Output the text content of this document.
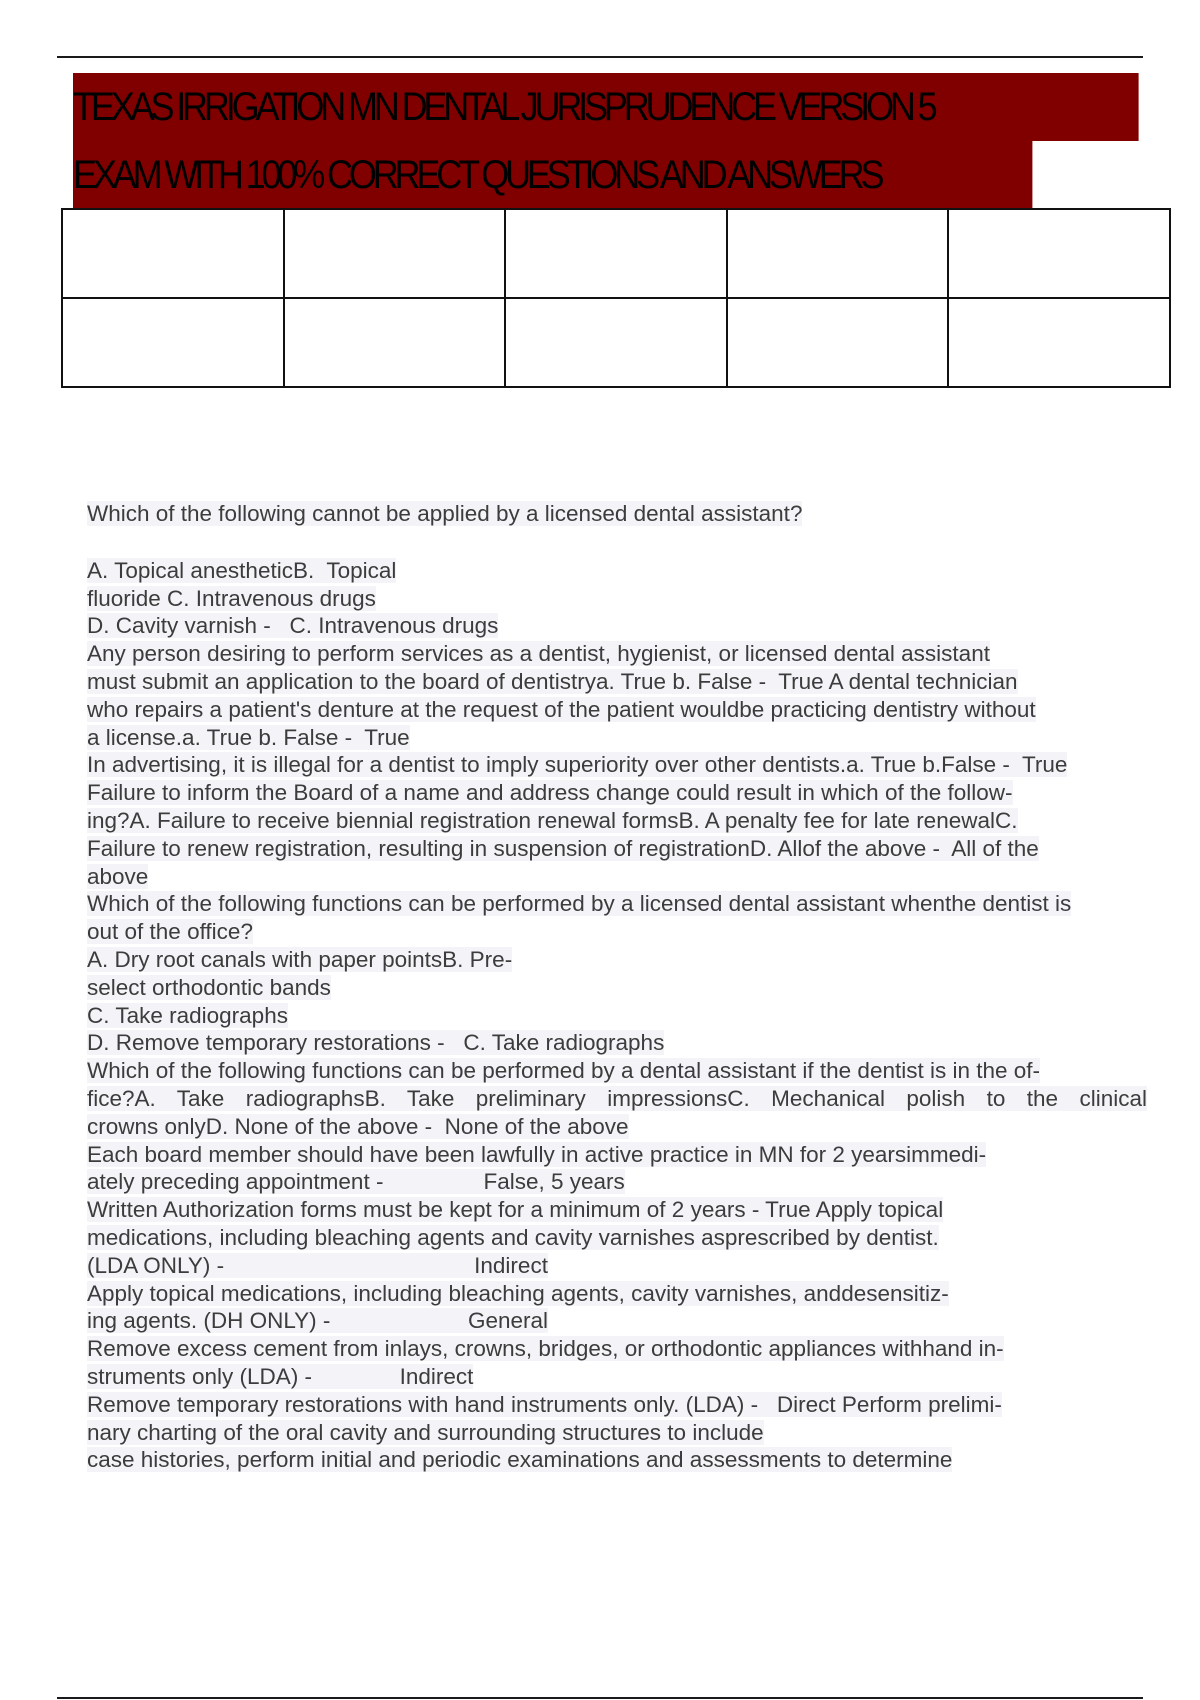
TEXAS IRRIGATION MN DENTAL JURISPRUDENCE VERSION 5
EXAM WITH 100% CORRECT QUESTIONS AND ANSWERS

Which of the following cannot be applied by a licensed dental assistant?
A. Topical anestheticB.  Topical
fluoride C. Intravenous drugs
D. Cavity varnish -   C. Intravenous drugs
Any person desiring to perform services as a dentist, hygienist, or licensed dental assistant
must submit an application to the board of dentistrya. True b. False -  True A dental technician
who repairs a patient's denture at the request of the patient wouldbe practicing dentistry without
a license.a. True b. False -  True
In advertising, it is illegal for a dentist to imply superiority over other dentists.a. True b.False -  True
Failure to inform the Board of a name and address change could result in which of the follow-
ing?A. Failure to receive biennial registration renewal formsB. A penalty fee for late renewalC.
Failure to renew registration, resulting in suspension of registrationD. Allof the above -  All of the
above
Which of the following functions can be performed by a licensed dental assistant whenthe dentist is
out of the office?
A. Dry root canals with paper pointsB. Pre-
select orthodontic bands
C. Take radiographs
D. Remove temporary restorations -   C. Take radiographs
Which of the following functions can be performed by a dental assistant if the dentist is in the of-
fice?A. Take radiographsB. Take preliminary impressionsC. Mechanical polish to the clinical
crowns onlyD. None of the above -  None of the above
Each board member should have been lawfully in active practice in MN for 2 yearsimmedi-
ately preceding appointment -                False, 5 years
Written Authorization forms must be kept for a minimum of 2 years - True Apply topical
medications, including bleaching agents and cavity varnishes asprescribed by dentist.
(LDA ONLY) -                                        Indirect
Apply topical medications, including bleaching agents, cavity varnishes, anddesensitiz-
ing agents. (DH ONLY) -                      General
Remove excess cement from inlays, crowns, bridges, or orthodontic appliances withhand in-
struments only (LDA) -              Indirect
Remove temporary restorations with hand instruments only. (LDA) -   Direct Perform prelimi-
nary charting of the oral cavity and surrounding structures to include
case histories, perform initial and periodic examinations and assessments to determine
